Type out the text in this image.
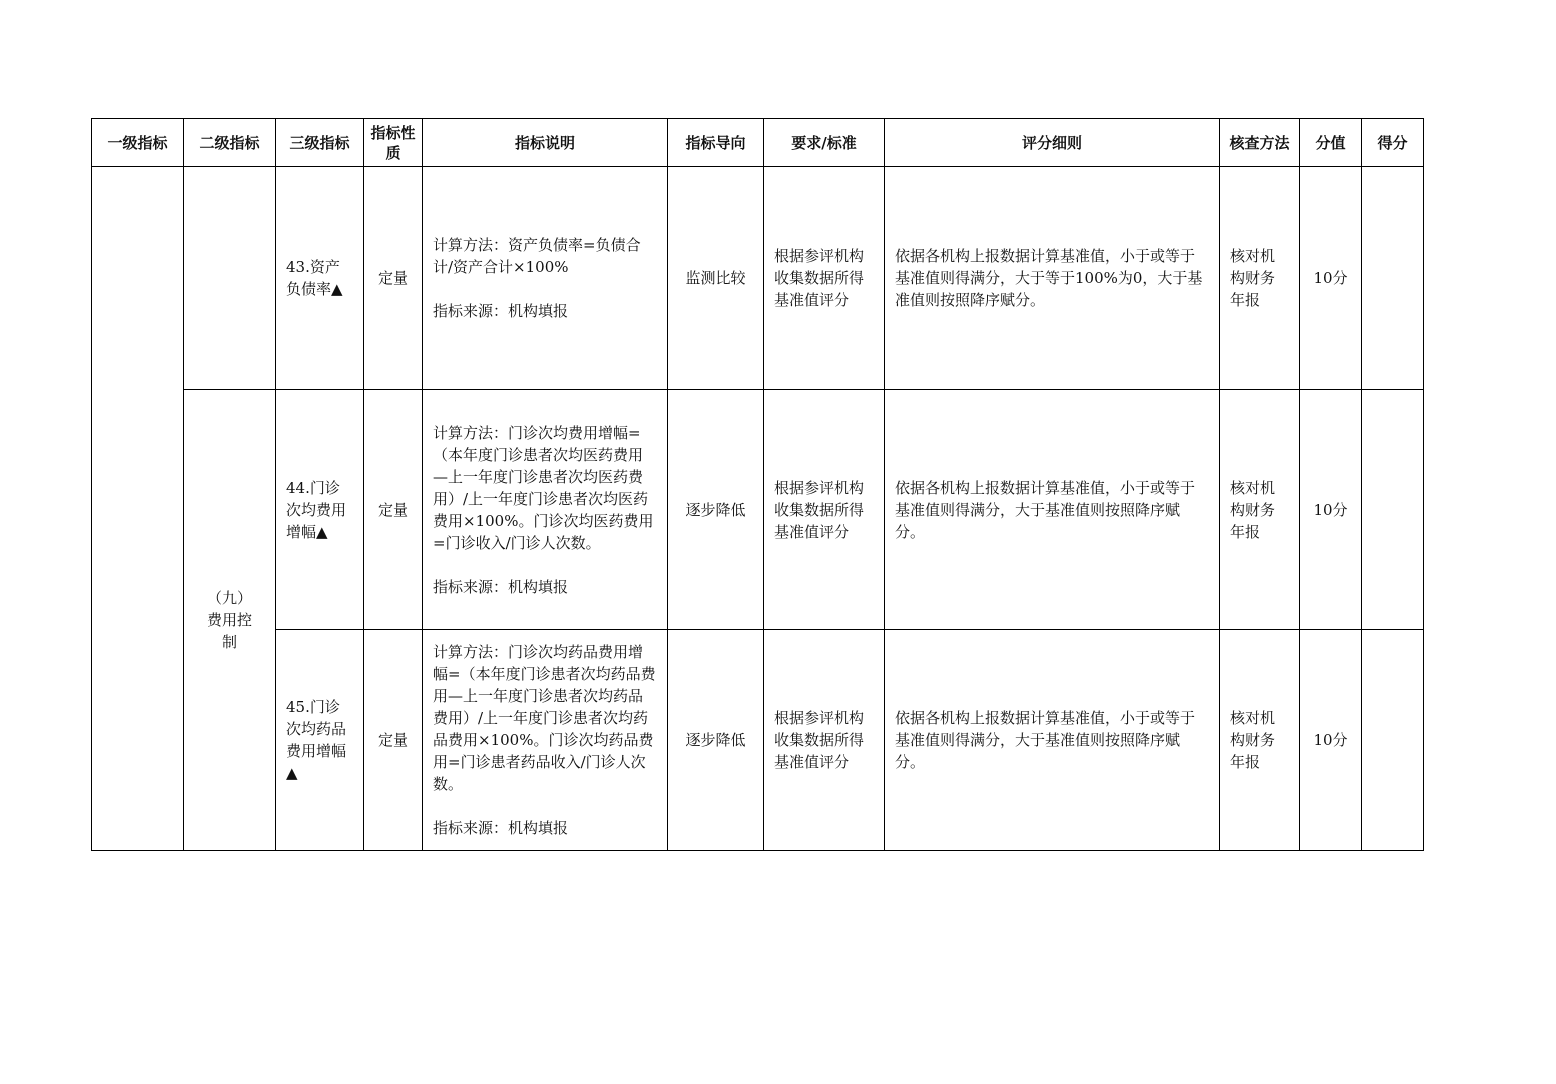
一级指标	二级指标	三级指标	指标性质	指标说明	指标导向	要求/标准	评分细则	核查方法	分值	得分
		43.资产负债率▲	定量	计算方法：资产负债率=负债合计/资产合计×100%
指标来源：机构填报	监测比较	根据参评机构收集数据所得基准值评分	依据各机构上报数据计算基准值，小于或等于基准值则得满分，大于等于100%为0，大于基准值则按照降序赋分。	核对机构财务年报	10分	

	（九）费用控制	44.门诊次均费用增幅▲	定量	计算方法：门诊次均费用增幅=（本年度门诊患者次均医药费用—上一年度门诊患者次均医药费用）/上一年度门诊患者次均医药费用×100%。门诊次均医药费用=门诊收入/门诊人次数。
指标来源：机构填报	逐步降低	根据参评机构收集数据所得基准值评分	依据各机构上报数据计算基准值，小于或等于基准值则得满分，大于基准值则按照降序赋分。	核对机构财务年报	10分	
		45.门诊次均药品费用增幅▲	定量	计算方法：门诊次均药品费用增幅=（本年度门诊患者次均药品费用—上一年度门诊患者次均药品费用）/上一年度门诊患者次均药品费用×100%。门诊次均药品费用=门诊患者药品收入/门诊人次数。
指标来源：机构填报	逐步降低	根据参评机构收集数据所得基准值评分	依据各机构上报数据计算基准值，小于或等于基准值则得满分，大于基准值则按照降序赋分。	核对机构财务年报	10分	
